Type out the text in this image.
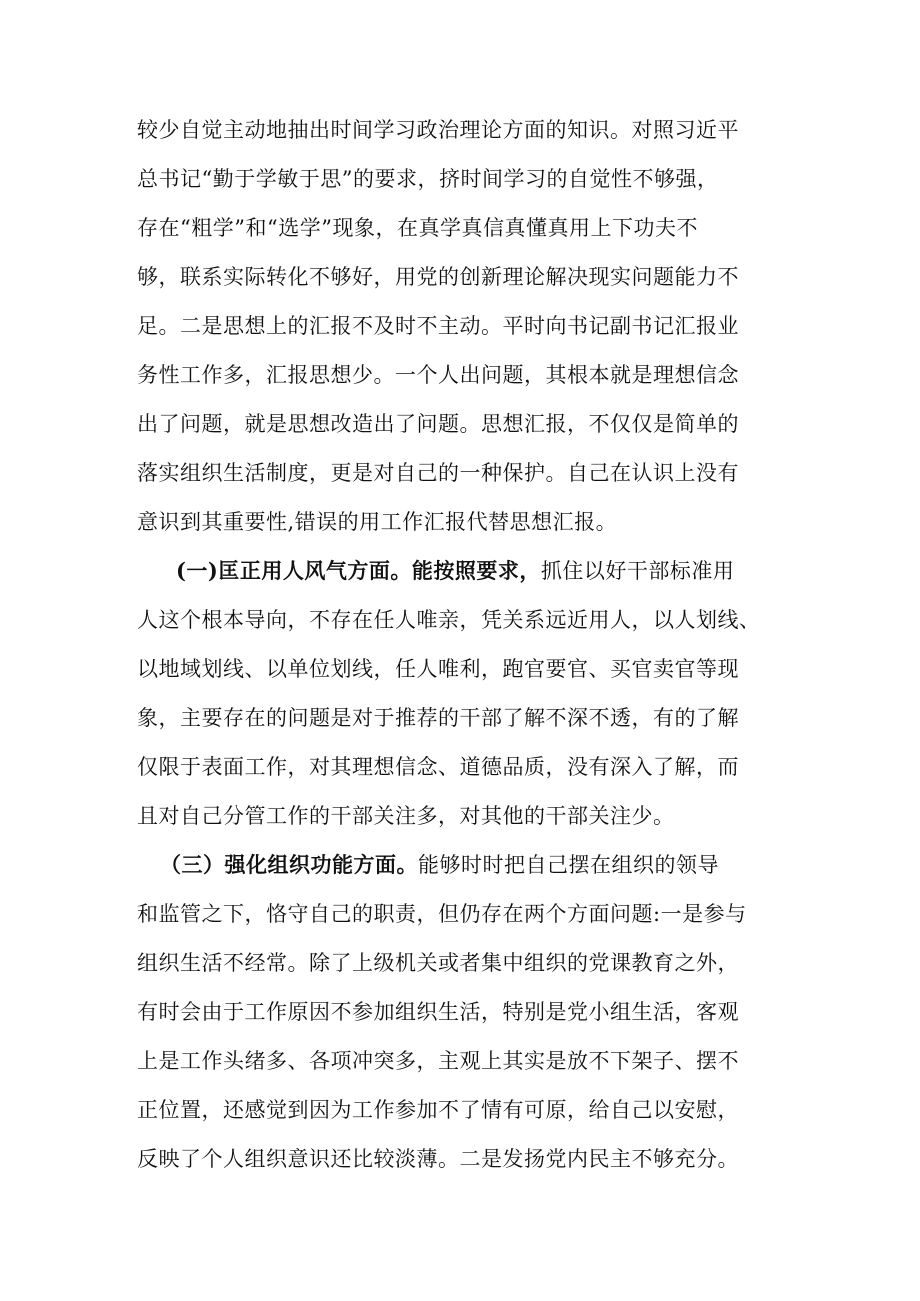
较少自觉主动地抽出时间学习政治理论方面的知识。对照习近平
总书记“勤于学敏于思”的要求，挤时间学习的自觉性不够强，
存在“粗学”和“选学”现象，在真学真信真懂真用上下功夫不
够，联系实际转化不够好，用党的创新理论解决现实问题能力不
足。二是思想上的汇报不及时不主动。平时向书记副书记汇报业
务性工作多，汇报思想少。一个人出问题，其根本就是理想信念
出了问题，就是思想改造出了问题。思想汇报，不仅仅是简单的
落实组织生活制度，更是对自己的一种保护。自己在认识上没有
意识到其重要性,错误的用工作汇报代替思想汇报。
(一)匡正用人风气方面。能按照要求，抓住以好干部标准用
人这个根本导向，不存在任人唯亲，凭关系远近用人，以人划线、
以地域划线、以单位划线，任人唯利，跑官要官、买官卖官等现
象，主要存在的问题是对于推荐的干部了解不深不透，有的了解
仅限于表面工作，对其理想信念、道德品质，没有深入了解，而
且对自己分管工作的干部关注多，对其他的干部关注少。
（三）强化组织功能方面。能够时时把自己摆在组织的领导
和监管之下，恪守自己的职责，但仍存在两个方面问题:一是参与
组织生活不经常。除了上级机关或者集中组织的党课教育之外，
有时会由于工作原因不参加组织生活，特别是党小组生活，客观
上是工作头绪多、各项冲突多，主观上其实是放不下架子、摆不
正位置，还感觉到因为工作参加不了情有可原，给自己以安慰，
反映了个人组织意识还比较淡薄。二是发扬党内民主不够充分。
